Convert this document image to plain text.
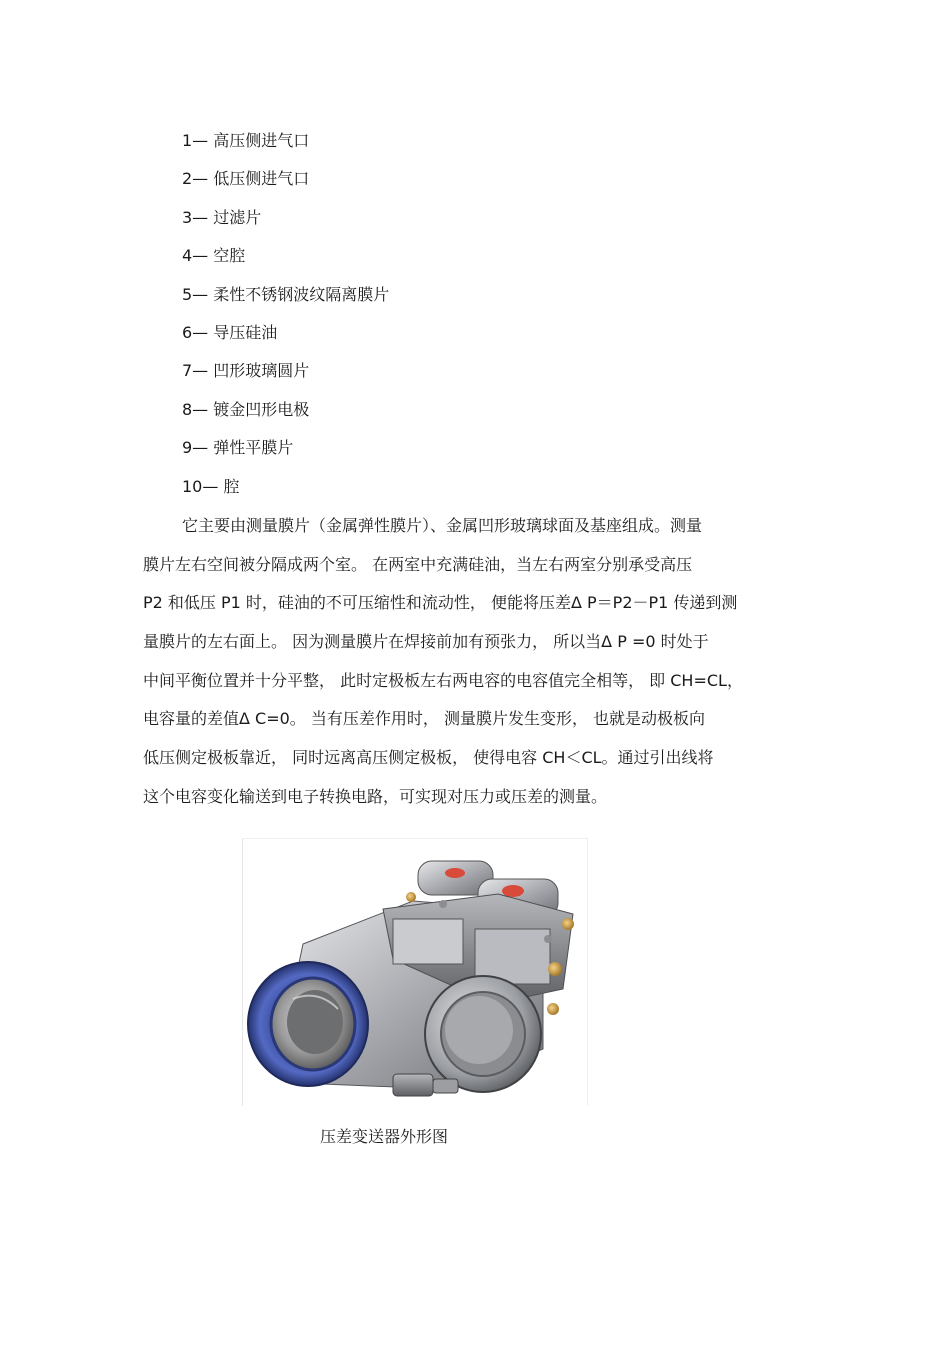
1— 高压侧进气口
2— 低压侧进气口
3— 过滤片
4— 空腔
5— 柔性不锈钢波纹隔离膜片
6— 导压硅油
7— 凹形玻璃圆片
8— 镀金凹形电极
9— 弹性平膜片
10— 腔

它主要由测量膜片（金属弹性膜片）、金属凹形玻璃球面及基座组成。测量
膜片左右空间被分隔成两个室。 在两室中充满硅油，当左右两室分别承受高压
P2 和低压 P1 时，硅油的不可压缩性和流动性， 便能将压差Δ P＝P2－P1 传递到测
量膜片的左右面上。 因为测量膜片在焊接前加有预张力， 所以当Δ P =0 时处于
中间平衡位置并十分平整， 此时定极板左右两电容的电容值完全相等， 即 CH=CL，
电容量的差值Δ C=0。 当有压差作用时， 测量膜片发生变形， 也就是动极板向
低压侧定极板靠近， 同时远离高压侧定极板， 使得电容 CH＜CL。通过引出线将
这个电容变化输送到电子转换电路，可实现对压力或压差的测量。

压差变送器外形图
